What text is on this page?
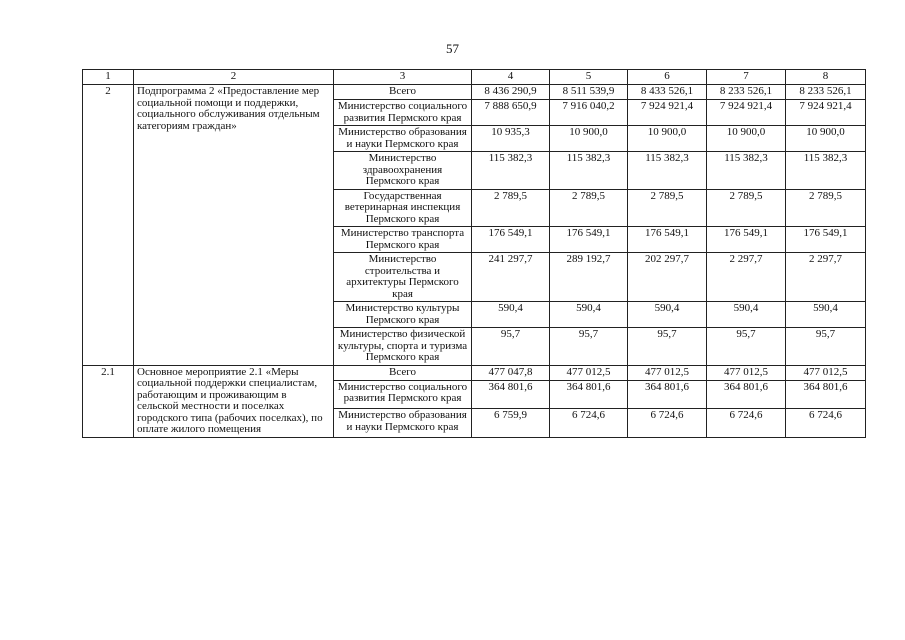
57
1	2	3	4	5	6	7	8
2	Подпрограмма 2 «Предоставление мер социальной помощи и поддержки, социального обслуживания отдельным категориям граждан»	Всего	8 436 290,9	8 511 539,9	8 433 526,1	8 233 526,1	8 233 526,1
		Министерство социального развития Пермского края	7 888 650,9	7 916 040,2	7 924 921,4	7 924 921,4	7 924 921,4
		Министерство образования и науки Пермского края	10 935,3	10 900,0	10 900,0	10 900,0	10 900,0
		Министерство здравоохранения Пермского края	115 382,3	115 382,3	115 382,3	115 382,3	115 382,3
		Государственная ветеринарная инспекция Пермского края	2 789,5	2 789,5	2 789,5	2 789,5	2 789,5
		Министерство транспорта Пермского края	176 549,1	176 549,1	176 549,1	176 549,1	176 549,1
		Министерство строительства и архитектуры Пермского края	241 297,7	289 192,7	202 297,7	2 297,7	2 297,7
		Министерство культуры Пермского края	590,4	590,4	590,4	590,4	590,4
		Министерство физической культуры, спорта и туризма Пермского края	95,7	95,7	95,7	95,7	95,7
2.1	Основное мероприятие 2.1 «Меры социальной поддержки специалистам, работающим и проживающим в сельской местности и поселках городского типа (рабочих поселках), по оплате жилого помещения	Всего	477 047,8	477 012,5	477 012,5	477 012,5	477 012,5
		Министерство социального развития Пермского края	364 801,6	364 801,6	364 801,6	364 801,6	364 801,6
		Министерство образования и науки Пермского края	6 759,9	6 724,6	6 724,6	6 724,6	6 724,6
